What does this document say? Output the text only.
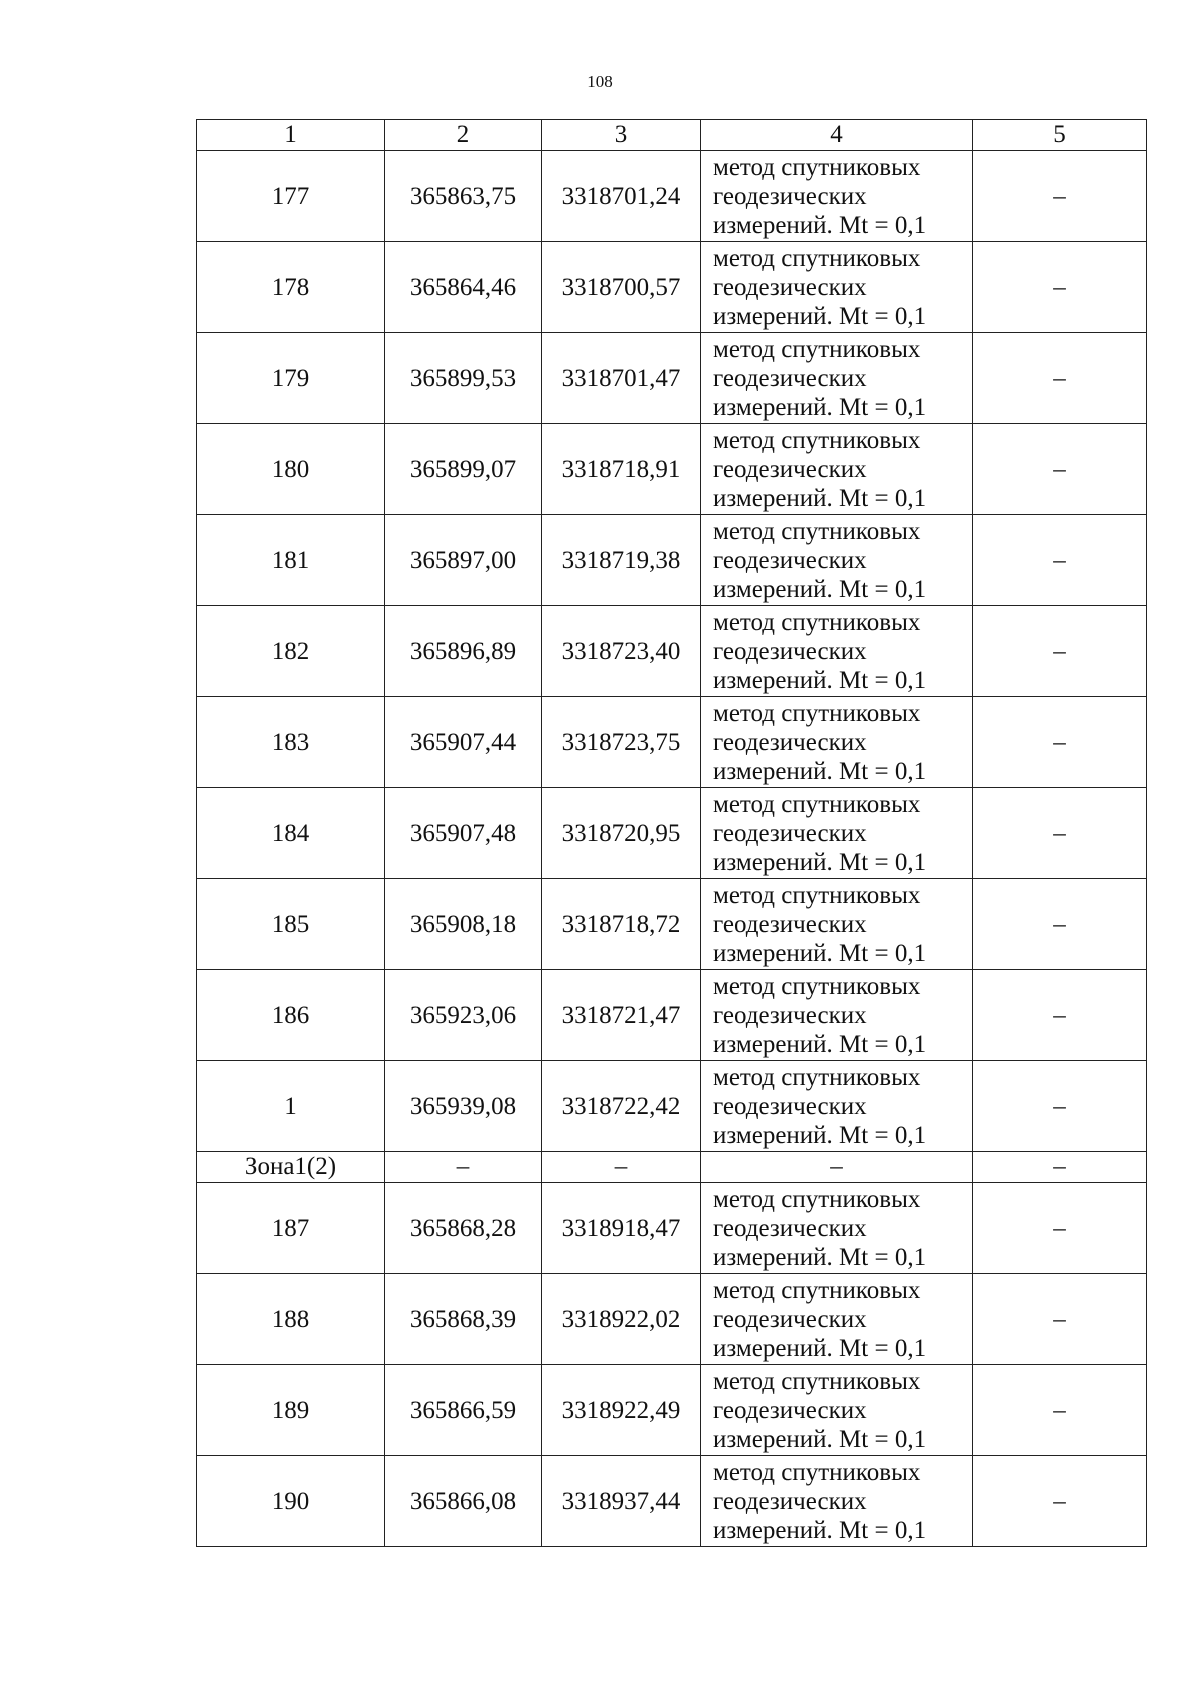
108
1	2	3	4	5
177	365863,75	3318701,24	метод спутниковых
геодезических
измерений. Mt = 0,1	–
178	365864,46	3318700,57	метод спутниковых
геодезических
измерений. Mt = 0,1	–
179	365899,53	3318701,47	метод спутниковых
геодезических
измерений. Mt = 0,1	–
180	365899,07	3318718,91	метод спутниковых
геодезических
измерений. Mt = 0,1	–
181	365897,00	3318719,38	метод спутниковых
геодезических
измерений. Mt = 0,1	–
182	365896,89	3318723,40	метод спутниковых
геодезических
измерений. Mt = 0,1	–
183	365907,44	3318723,75	метод спутниковых
геодезических
измерений. Mt = 0,1	–
184	365907,48	3318720,95	метод спутниковых
геодезических
измерений. Mt = 0,1	–
185	365908,18	3318718,72	метод спутниковых
геодезических
измерений. Mt = 0,1	–
186	365923,06	3318721,47	метод спутниковых
геодезических
измерений. Mt = 0,1	–
1	365939,08	3318722,42	метод спутниковых
геодезических
измерений. Mt = 0,1	–
Зона1(2)	–	–	–	–
187	365868,28	3318918,47	метод спутниковых
геодезических
измерений. Mt = 0,1	–
188	365868,39	3318922,02	метод спутниковых
геодезических
измерений. Mt = 0,1	–
189	365866,59	3318922,49	метод спутниковых
геодезических
измерений. Mt = 0,1	–
190	365866,08	3318937,44	метод спутниковых
геодезических
измерений. Mt = 0,1	–
